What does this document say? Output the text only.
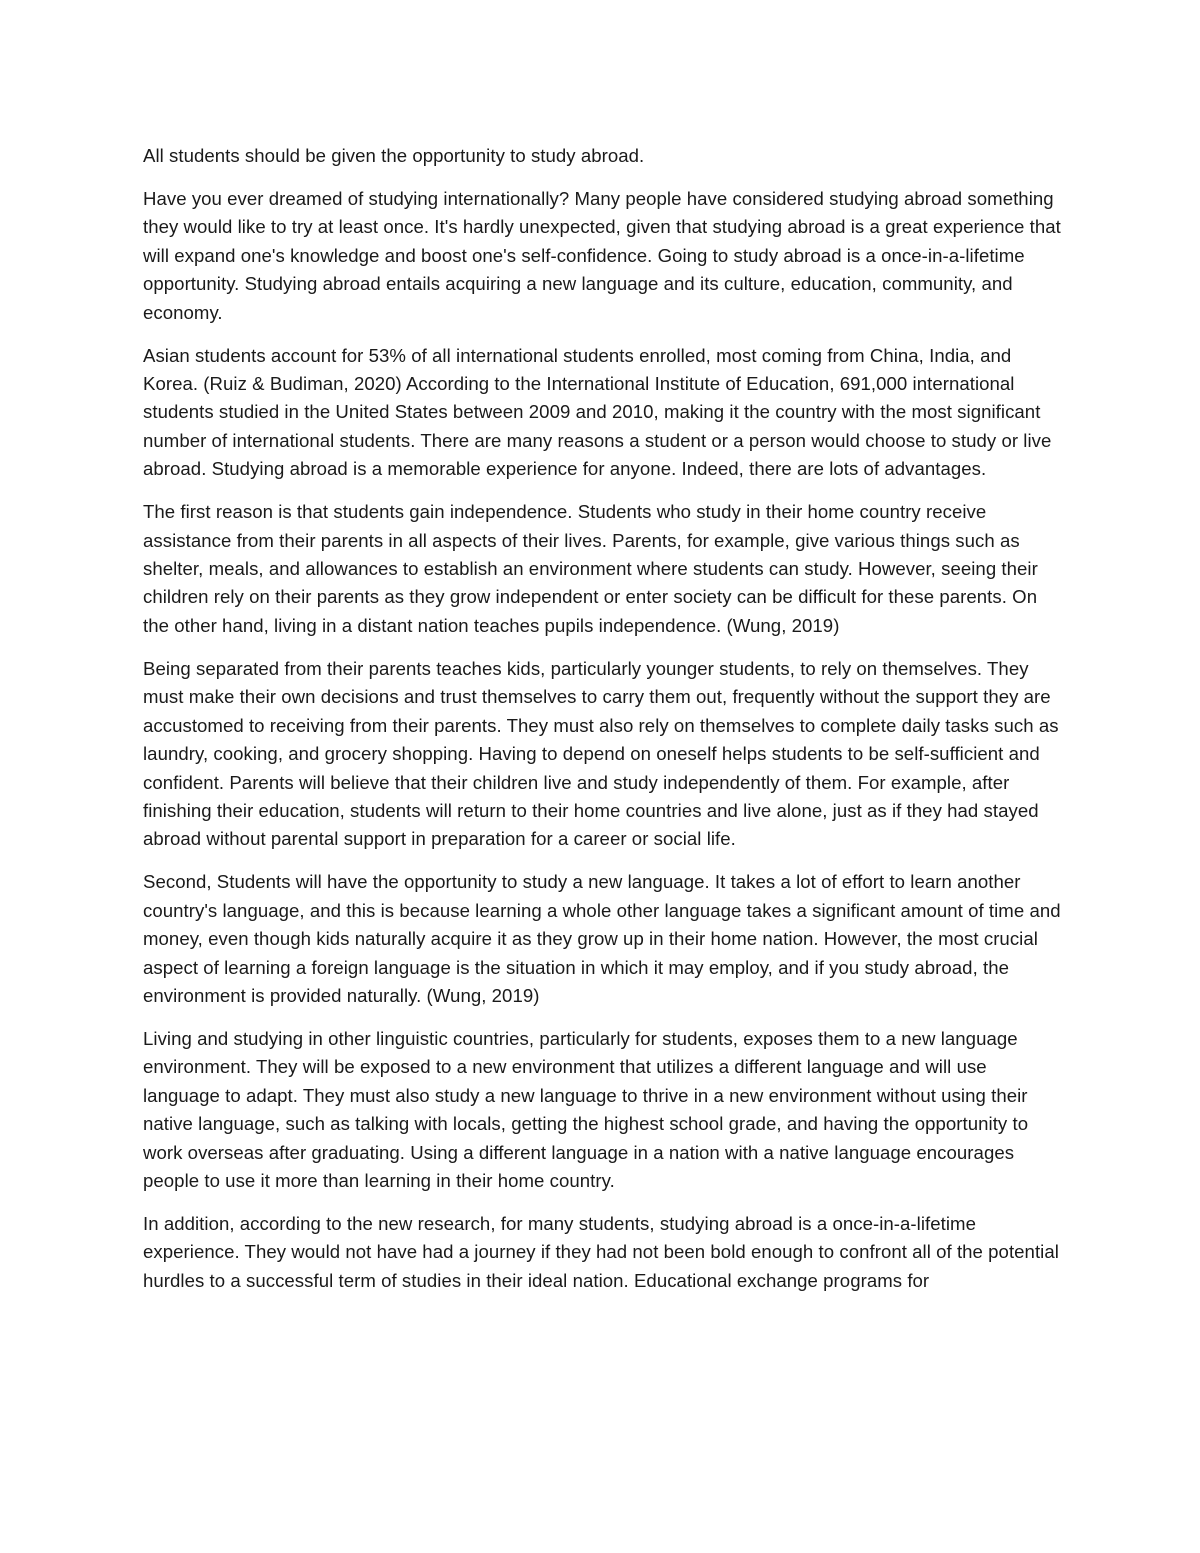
All students should be given the opportunity to study abroad.

Have you ever dreamed of studying internationally? Many people have considered studying abroad something they would like to try at least once. It's hardly unexpected, given that studying abroad is a great experience that will expand one's knowledge and boost one's self-confidence. Going to study abroad is a once-in-a-lifetime opportunity. Studying abroad entails acquiring a new language and its culture, education, community, and economy.

Asian students account for 53% of all international students enrolled, most coming from China, India, and Korea. (Ruiz & Budiman, 2020) According to the International Institute of Education, 691,000 international students studied in the United States between 2009 and 2010, making it the country with the most significant number of international students. There are many reasons a student or a person would choose to study or live abroad. Studying abroad is a memorable experience for anyone. Indeed, there are lots of advantages.

The first reason is that students gain independence. Students who study in their home country receive assistance from their parents in all aspects of their lives. Parents, for example, give various things such as shelter, meals, and allowances to establish an environment where students can study. However, seeing their children rely on their parents as they grow independent or enter society can be difficult for these parents. On the other hand, living in a distant nation teaches pupils independence. (Wung, 2019)

Being separated from their parents teaches kids, particularly younger students, to rely on themselves. They must make their own decisions and trust themselves to carry them out, frequently without the support they are accustomed to receiving from their parents. They must also rely on themselves to complete daily tasks such as laundry, cooking, and grocery shopping. Having to depend on oneself helps students to be self-sufficient and confident. Parents will believe that their children live and study independently of them. For example, after finishing their education, students will return to their home countries and live alone, just as if they had stayed abroad without parental support in preparation for a career or social life.

Second, Students will have the opportunity to study a new language. It takes a lot of effort to learn another country's language, and this is because learning a whole other language takes a significant amount of time and money, even though kids naturally acquire it as they grow up in their home nation. However, the most crucial aspect of learning a foreign language is the situation in which it may employ, and if you study abroad, the environment is provided naturally. (Wung, 2019)

Living and studying in other linguistic countries, particularly for students, exposes them to a new language environment. They will be exposed to a new environment that utilizes a different language and will use language to adapt. They must also study a new language to thrive in a new environment without using their native language, such as talking with locals, getting the highest school grade, and having the opportunity to work overseas after graduating. Using a different language in a nation with a native language encourages people to use it more than learning in their home country.

In addition, according to the new research, for many students, studying abroad is a once-in-a-lifetime experience. They would not have had a journey if they had not been bold enough to confront all of the potential hurdles to a successful term of studies in their ideal nation. Educational exchange programs for
